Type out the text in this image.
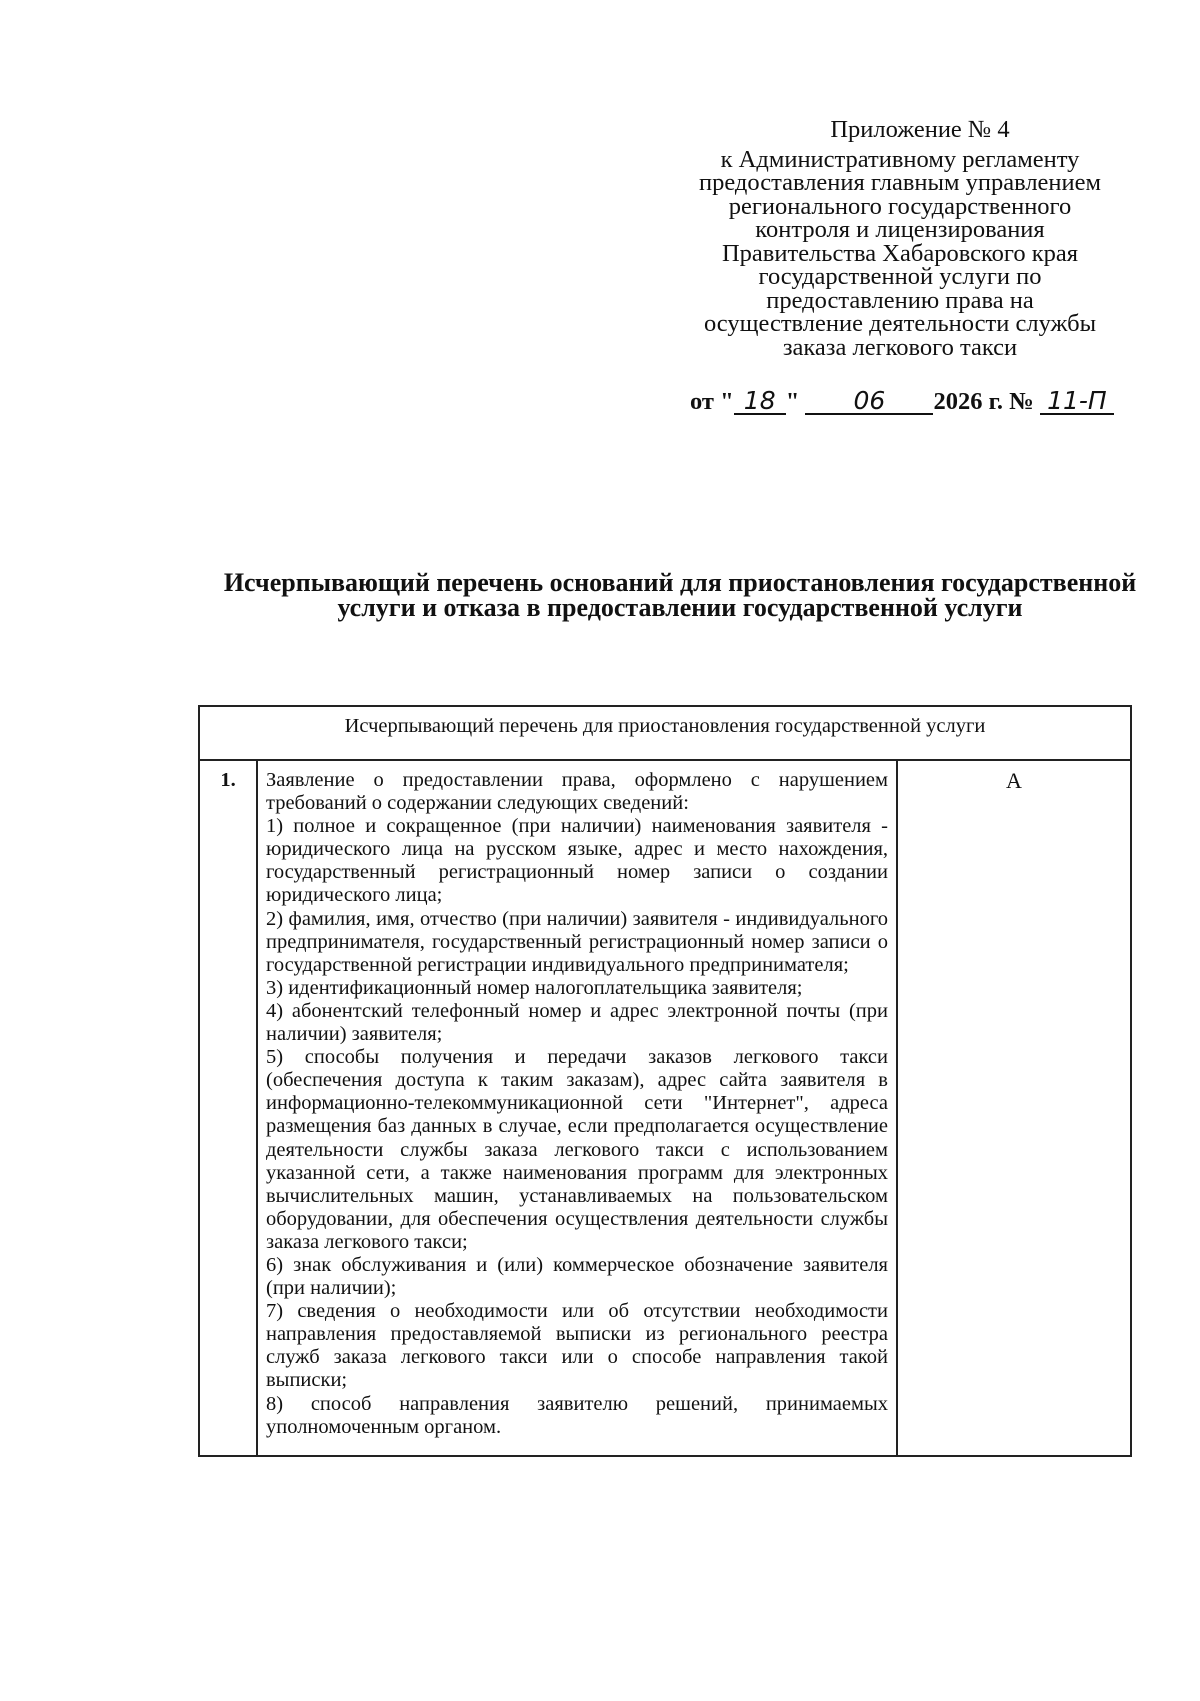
Приложение № 4
к Административному регламенту
предоставления главным управлением
регионального государственного
контроля и лицензирования
Правительства Хабаровского края
государственной услуги по
предоставлению права на
осуществление деятельности службы
заказа легкового такси
от " 18 " 06 2026 г. № 11-П
Исчерпывающий перечень оснований для приостановления государственной
услуги и отказа в предоставлении государственной услуги
Исчерпывающий перечень для приостановления государственной услуги
1.	Заявление о предоставлении права, оформлено с нарушением требований о содержании следующих сведений:

1) полное и сокращенное (при наличии) наименования заявителя - юридического лица на русском языке, адрес и место нахождения, государственный регистрационный номер записи о создании юридического лица;

2) фамилия, имя, отчество (при наличии) заявителя - индивидуального предпринимателя, государственный регистрационный номер записи о государственной регистрации индивидуального предпринимателя;

3) идентификационный номер налогоплательщика заявителя;

4) абонентский телефонный номер и адрес электронной почты (при наличии) заявителя;

5) способы получения и передачи заказов легкового такси (обеспечения доступа к таким заказам), адрес сайта заявителя в информационно-телекоммуникационной сети "Интернет", адреса размещения баз данных в случае, если предполагается осуществление деятельности службы заказа легкового такси с использованием указанной сети, а также наименования программ для электронных вычислительных машин, устанавливаемых на пользовательском оборудовании, для обеспечения осуществления деятельности службы заказа легкового такси;

6) знак обслуживания и (или) коммерческое обозначение заявителя (при наличии);

7) сведения о необходимости или об отсутствии необходимости направления предоставляемой выписки из регионального реестра служб заказа легкового такси или о способе направления такой выписки;

8) способ направления заявителю решений, принимаемых уполномоченным органом.

	А
